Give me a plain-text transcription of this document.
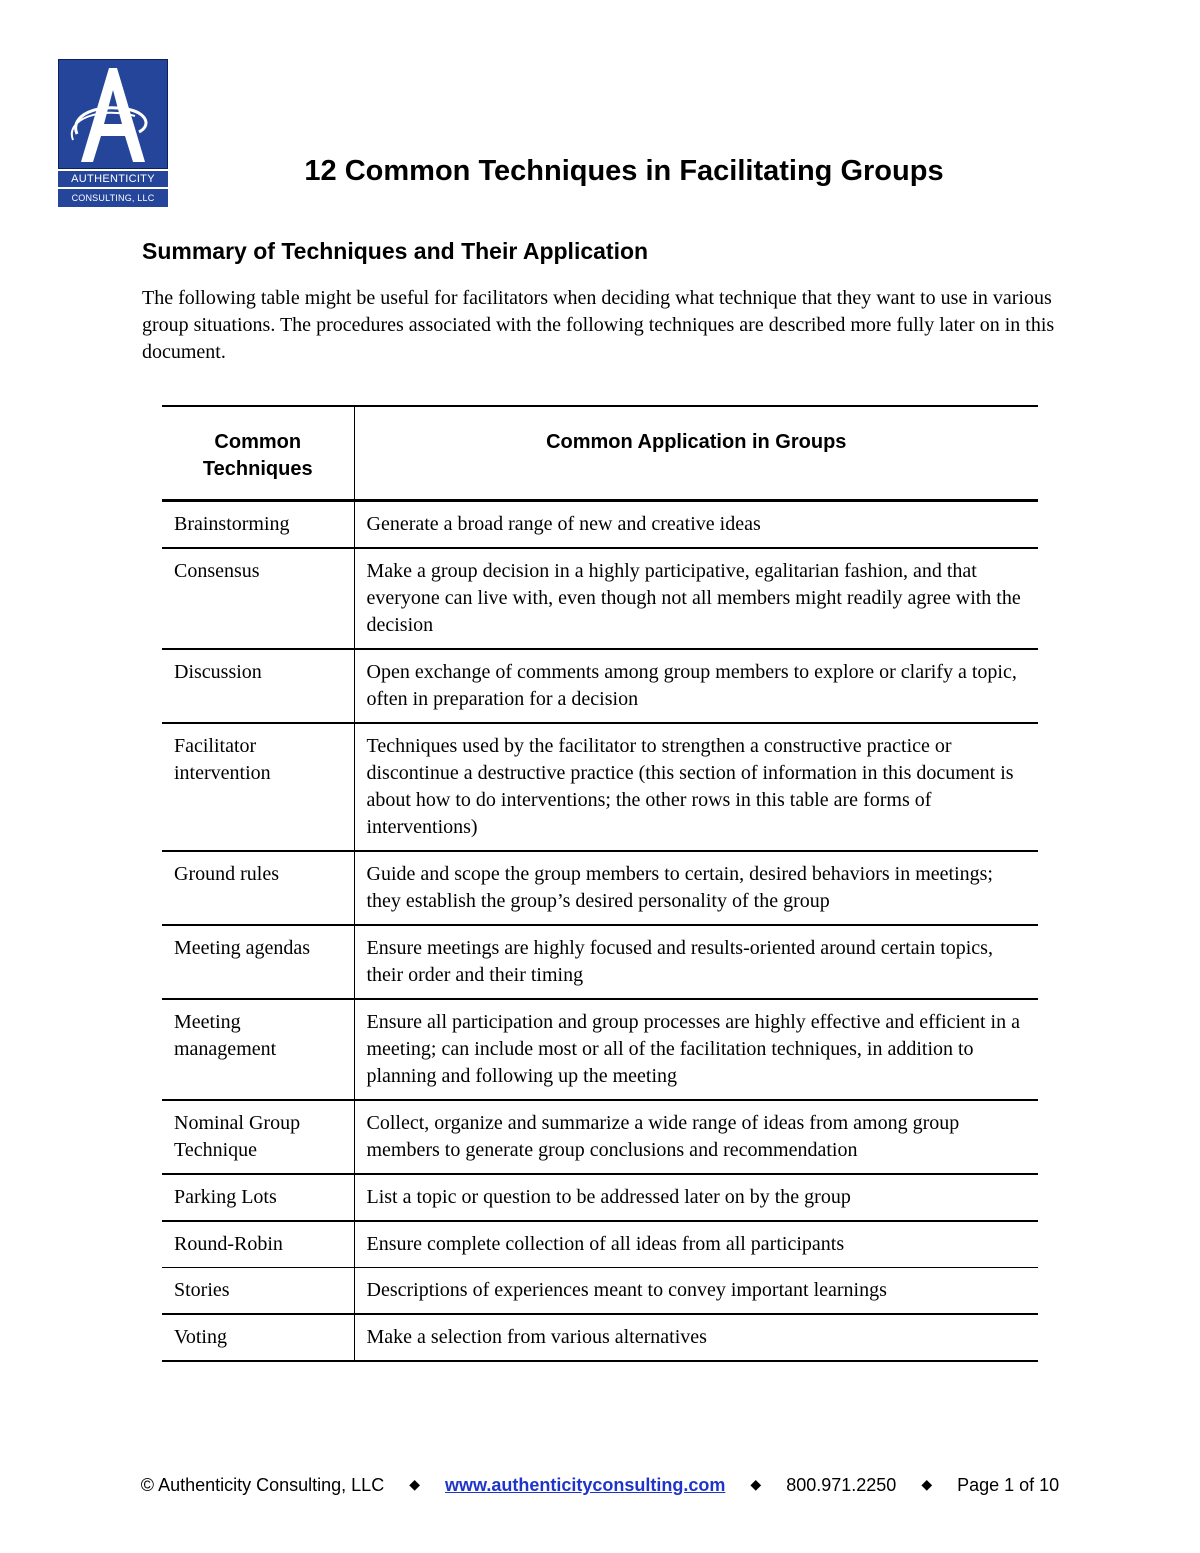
AUTHENTICITY
CONSULTING, LLC
12 Common Techniques in Facilitating Groups
Summary of Techniques and Their Application

The following table might be useful for facilitators when deciding what technique that they want to use in various group situations. The procedures associated with the following techniques are described more fully later on in this document.

Common Techniques	Common Application in Groups
Brainstorming	Generate a broad range of new and creative ideas
Consensus	Make a group decision in a highly participative, egalitarian fashion, and that everyone can live with, even though not all members might readily agree with the decision
Discussion	Open exchange of comments among group members to explore or clarify a topic, often in preparation for a decision
Facilitator intervention	Techniques used by the facilitator to strengthen a constructive practice or discontinue a destructive practice (this section of information in this document is about how to do interventions; the other rows in this table are forms of interventions)
Ground rules	Guide and scope the group members to certain, desired behaviors in meetings; they establish the group’s desired personality of the group
Meeting agendas	Ensure meetings are highly focused and results-oriented around certain topics, their order and their timing
Meeting management	Ensure all participation and group processes are highly effective and efficient in a meeting; can include most or all of the facilitation techniques, in addition to planning and following up the meeting
Nominal Group Technique	Collect, organize and summarize a wide range of ideas from among group members to generate group conclusions and recommendation
Parking Lots	List a topic or question to be addressed later on by the group
Round-Robin	Ensure complete collection of all ideas from all participants
Stories	Descriptions of experiences meant to convey important learnings
Voting	Make a selection from various alternatives
© Authenticity Consulting, LLC ◆ www.authenticityconsulting.com ◆ 800.971.2250 ◆ Page 1 of 10
